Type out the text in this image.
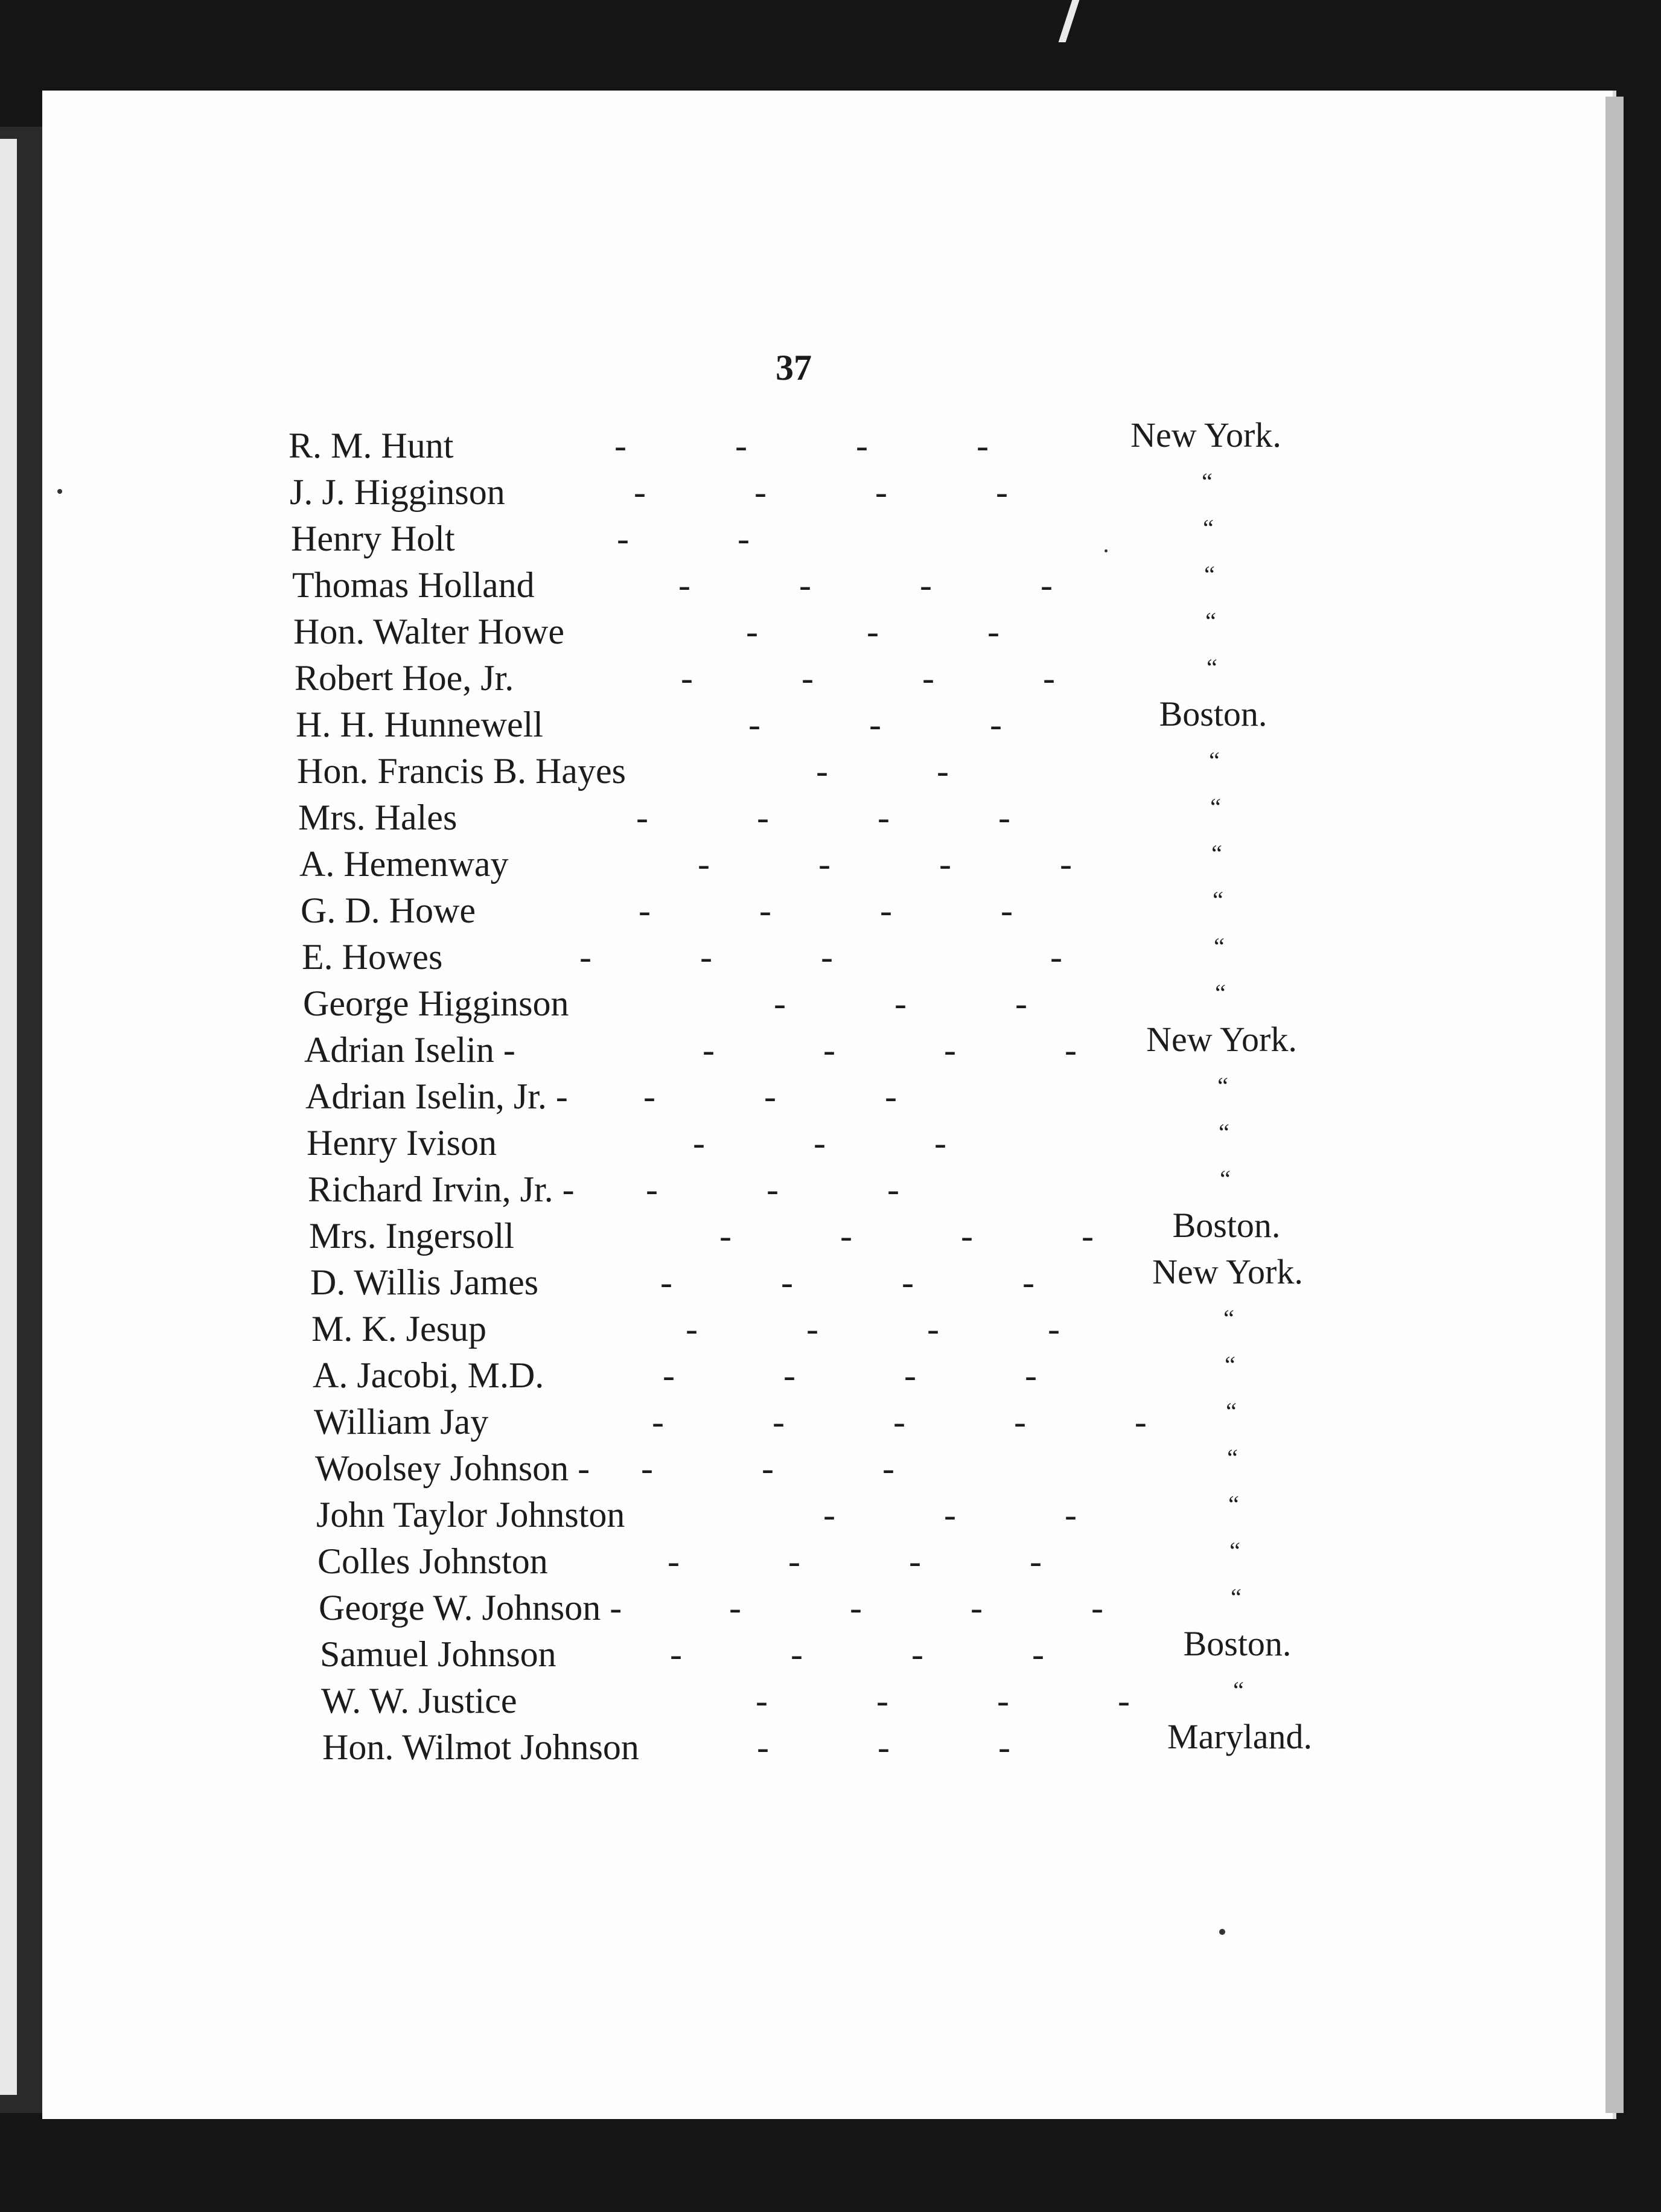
37
R. M. Hunt	-   -   -   -	New York.
J. J. Higginson	-   -   -   -	“
Henry Holt	-   -	“
Thomas Holland	-   -   -   -	“
Hon. Walter Howe	-   -   -	“
Robert Hoe, Jr.	-   -   -   -	“
H. H. Hunnewell	-   -   -	Boston.
Hon. Francis B. Hayes	-   -	“
Mrs. Hales	-   -   -   -	“
A. Hemenway	-   -   -   -	“
G. D. Howe	-   -   -   -	“
E. Howes	-   -   -      -	“
George Higginson	-   -   -	“
Adrian Iselin -	-   -   -   -	New York.
Adrian Iselin, Jr. - -   -   -	“
Henry Ivison	-   -   -	“
Richard Irvin, Jr. - -   -   -	“
Mrs. Ingersoll	-   -   -   -	Boston.
D. Willis James	-   -   -   -	New York.
M. K. Jesup	-   -   -   -	“
A. Jacobi, M.D.	-   -   -   -	“
William Jay	-   -   -   -   -	“
Woolsey Johnson - -   -   -	“
John Taylor Johnston	-   -   -	“
Colles Johnston	-   -   -   -	“
George W. Johnson -	-   -   -   -	“
Samuel Johnson	-   -   -   -	Boston.
W. W. Justice	-   -   -   -	“
Hon. Wilmot Johnson	-   -   -	Maryland.
